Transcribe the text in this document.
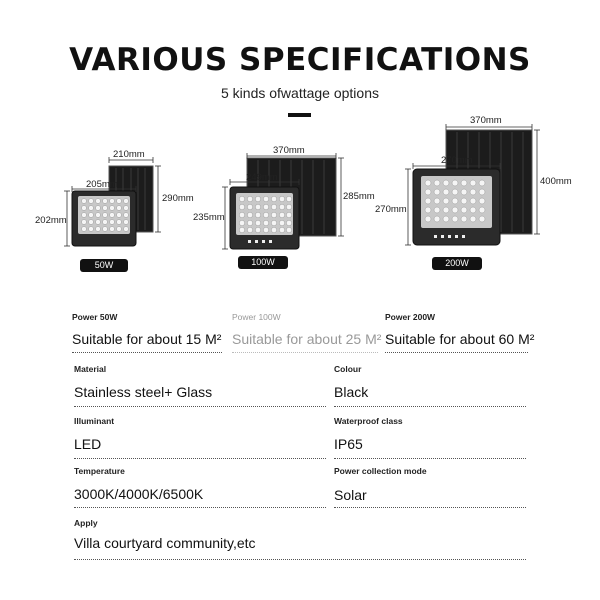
VARIOUS SPECIFICATIONS
5 kinds ofwattage options
210mm
290mm
205mm
202mm
50W
370mm
285mm
249mm
235mm
100W
370mm
400mm
270mm
270mm
200W
Power 50W
Suitable for about 15 M²
Power 100W
Suitable for about 25 M²
Power 200W
Suitable for about 60 M²
Material
Stainless steel+ Glass
Colour
Black
Illuminant
LED
Waterproof class
IP65
Temperature
3000K/4000K/6500K
Power collection mode
Solar
Apply
Villa courtyard community,etc
